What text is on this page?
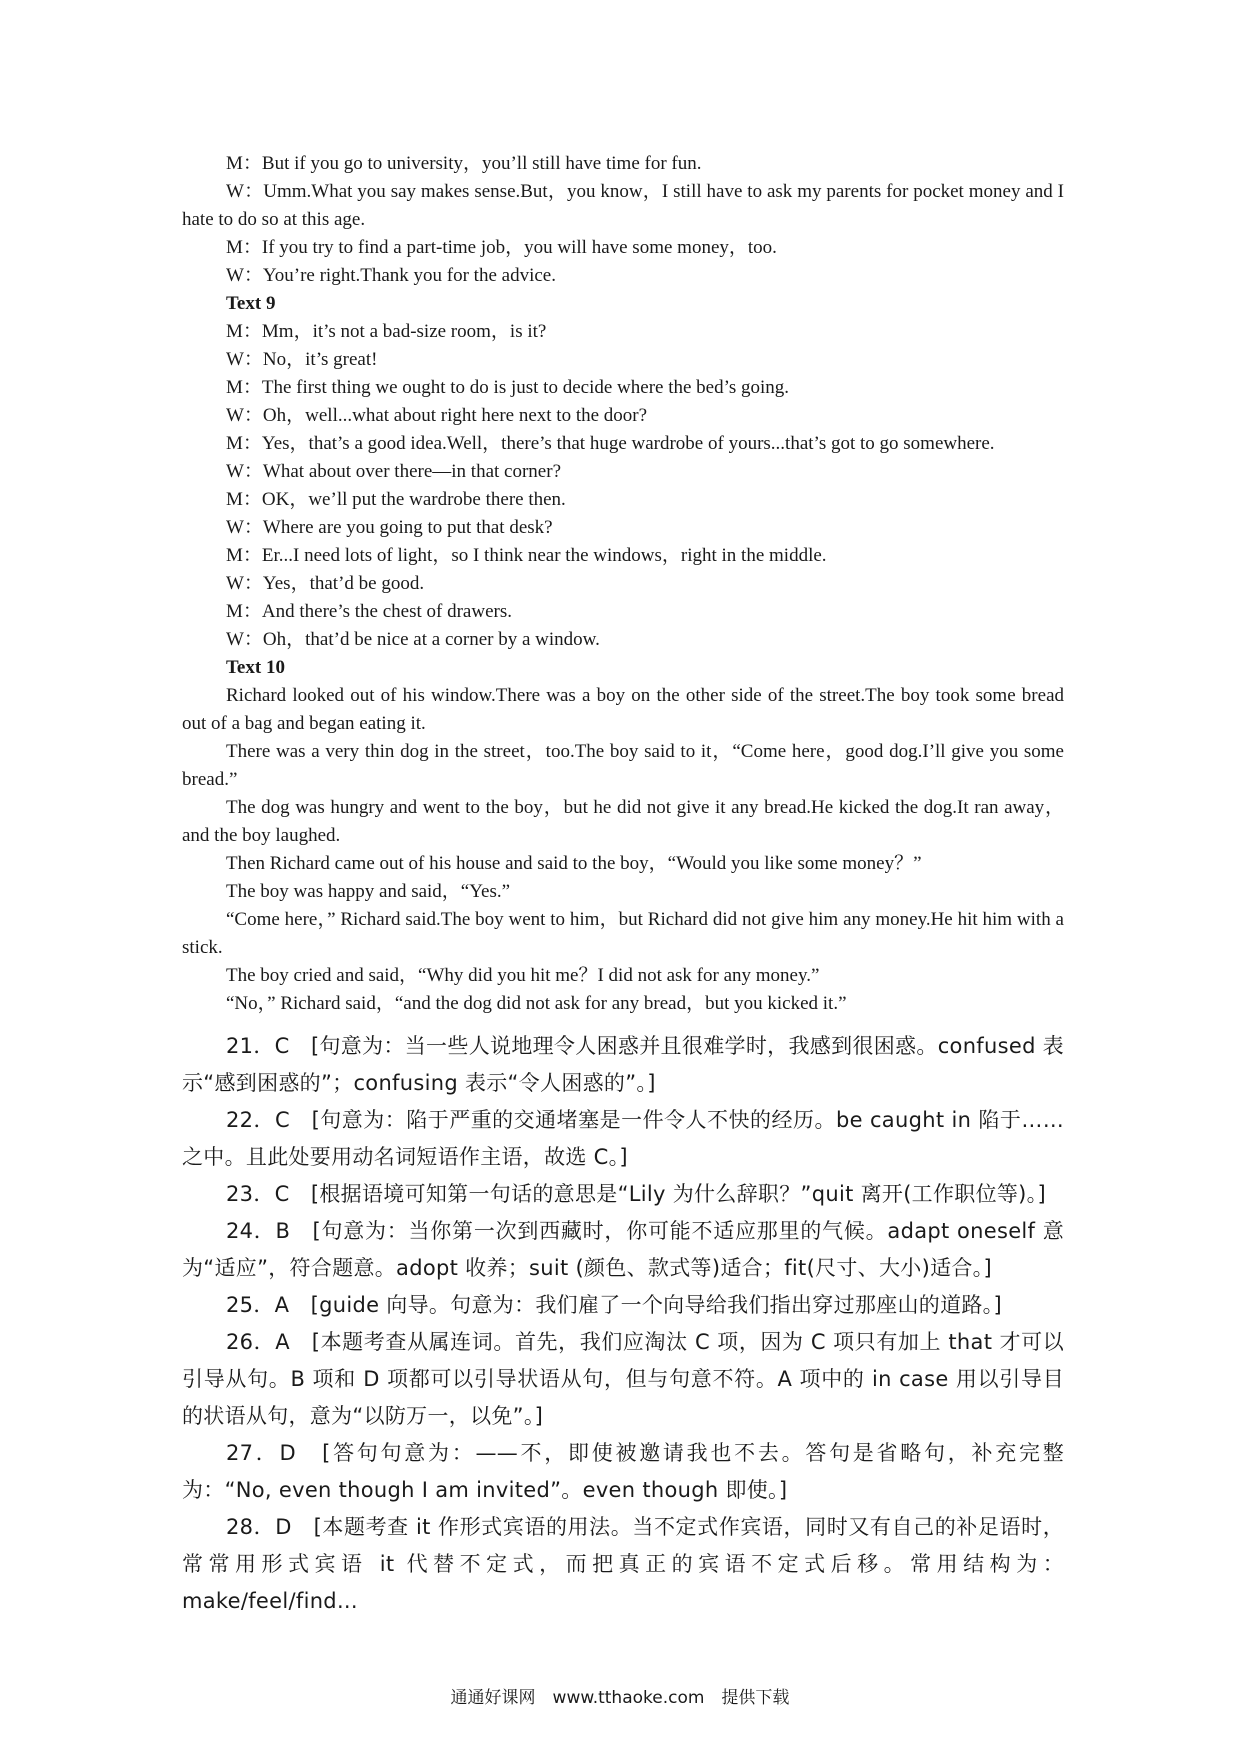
M：But if you go to university，you’ll still have time for fun.
W：Umm.What you say makes sense.But，you know，I still have to ask my parents for pocket money and I hate to do so at this age.
M：If you try to find a part-time job，you will have some money，too.
W：You’re right.Thank you for the advice.
Text 9
M：Mm，it’s not a bad-size room，is it?
W：No，it’s great!
M：The first thing we ought to do is just to decide where the bed’s going.
W：Oh，well...what about right here next to the door?
M：Yes，that’s a good idea.Well，there’s that huge wardrobe of yours...that’s got to go somewhere.
W：What about over there—in that corner?
M：OK，we’ll put the wardrobe there then.
W：Where are you going to put that desk?
M：Er...I need lots of light，so I think near the windows，right in the middle.
W：Yes，that’d be good.
M：And there’s the chest of drawers.
W：Oh，that’d be nice at a corner by a window.
Text 10
Richard looked out of his window.There was a boy on the other side of the street.The boy took some bread out of a bag and began eating it.
There was a very thin dog in the street，too.The boy said to it，“Come here，good dog.I’ll give you some bread.”
The dog was hungry and went to the boy，but he did not give it any bread.He kicked the dog.It ran away，and the boy laughed.
Then Richard came out of his house and said to the boy，“Would you like some money？”
The boy was happy and said，“Yes.”
“Come here，” Richard said.The boy went to him，but Richard did not give him any money.He hit him with a stick.
The boy cried and said，“Why did you hit me？I did not ask for any money.”
“No，” Richard said，“and the dog did not ask for any bread，but you kicked it.”
21．C　[句意为：当一些人说地理令人困惑并且很难学时，我感到很困惑。confused 表示“感到困惑的”；confusing 表示“令人困惑的”。]
22．C　[句意为：陷于严重的交通堵塞是一件令人不快的经历。be caught in 陷于……之中。且此处要用动名词短语作主语，故选 C。]
23．C　[根据语境可知第一句话的意思是“Lily 为什么辞职？”quit 离开(工作职位等)。]
24．B　[句意为：当你第一次到西藏时，你可能不适应那里的气候。adapt oneself 意为“适应”，符合题意。adopt 收养；suit (颜色、款式等)适合；fit(尺寸、大小)适合。]
25．A　[guide 向导。句意为：我们雇了一个向导给我们指出穿过那座山的道路。]
26．A　[本题考查从属连词。首先，我们应淘汰 C 项，因为 C 项只有加上 that 才可以引导从句。B 项和 D 项都可以引导状语从句，但与句意不符。A 项中的 in case 用以引导目的状语从句，意为“以防万一，以免”。]
27．D　[答句句意为：——不，即使被邀请我也不去。答句是省略句，补充完整为：“No, even though I am invited”。even though 即使。]
28．D　[本题考查 it 作形式宾语的用法。当不定式作宾语，同时又有自己的补足语时，常常用形式宾语 it 代替不定式，而把真正的宾语不定式后移。常用结构为：make/feel/find...
通通好课网　www.tthaoke.com　提供下载
